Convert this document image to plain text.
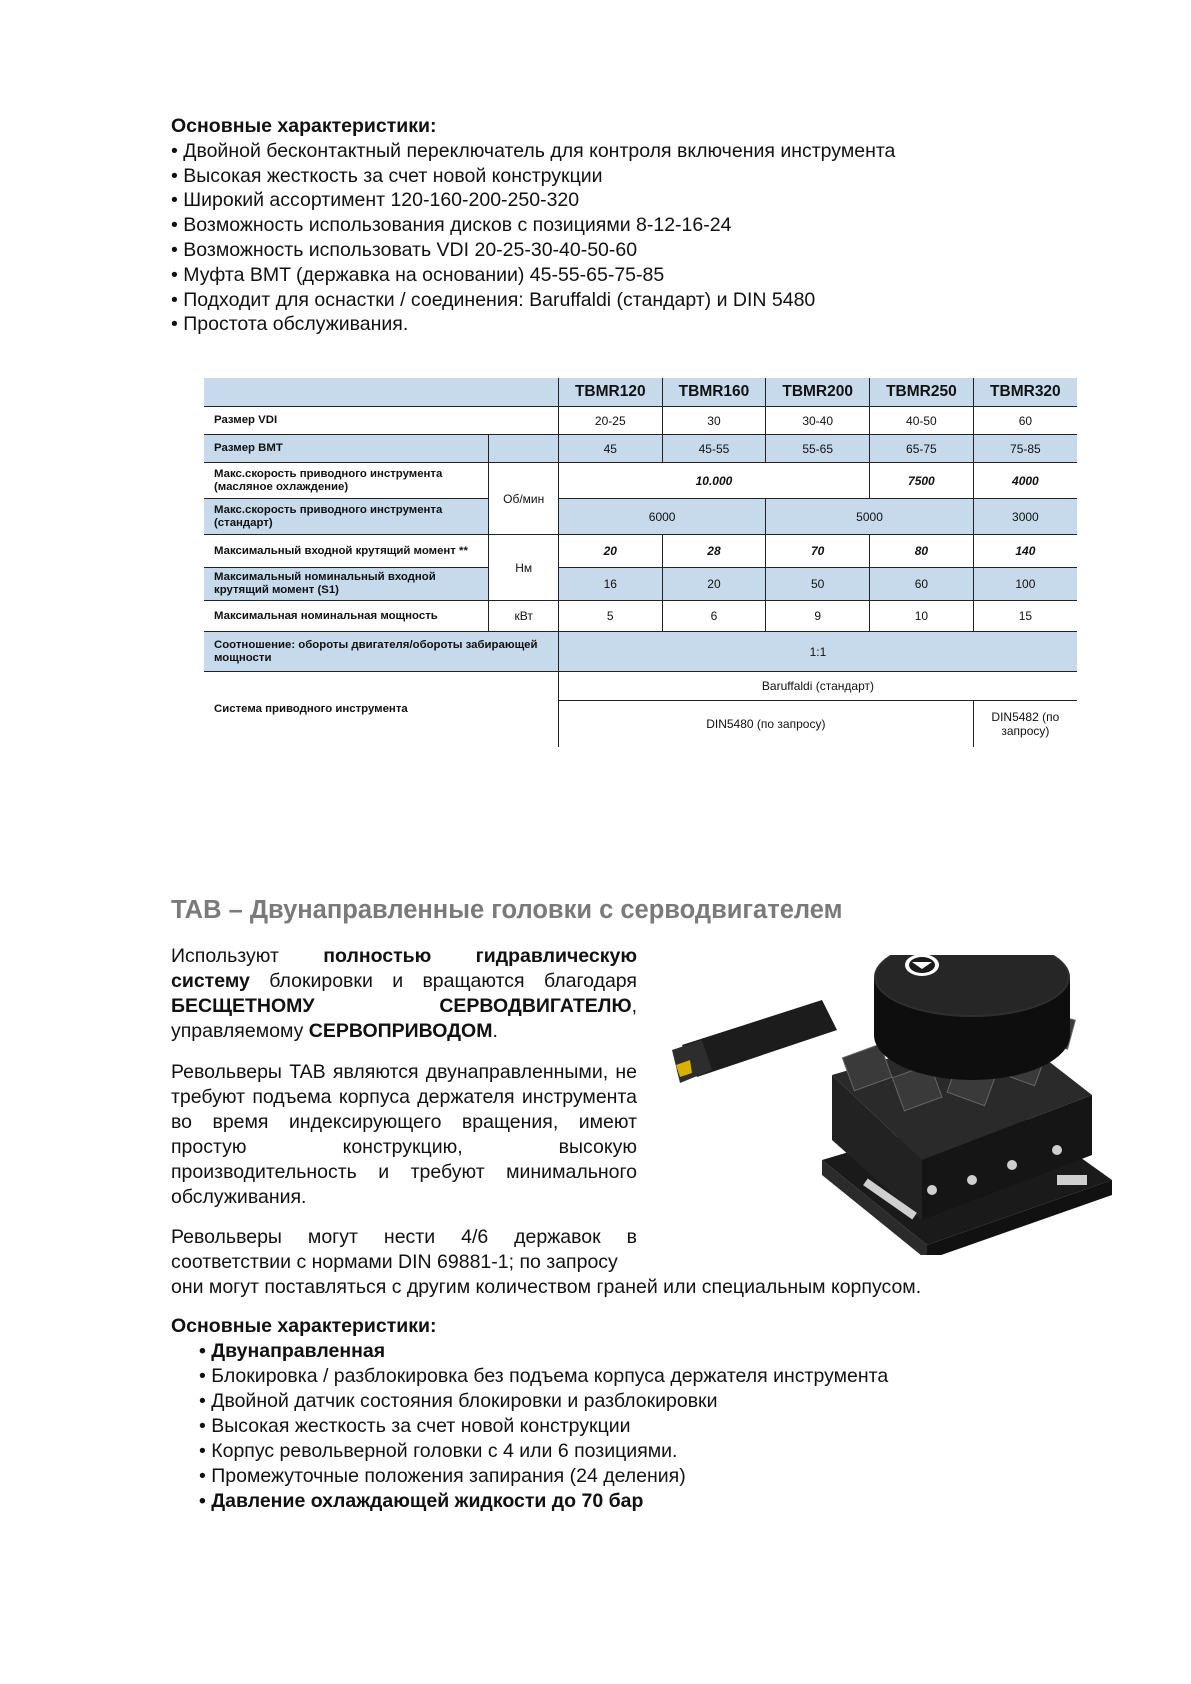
Основные характеристики:
• Двойной бесконтактный переключатель для контроля включения инструмента
• Высокая жесткость за счет новой конструкции
• Широкий ассортимент 120-160-200-250-320
• Возможность использования дисков с позициями 8-12-16-24
• Возможность использовать VDI 20-25-30-40-50-60
• Муфта BMT (державка на основании) 45-55-65-75-85
• Подходит для оснастки / соединения: Baruffaldi (стандарт) и DIN 5480
• Простота обслуживания.
		TBMR120	TBMR160	TBMR200	TBMR250	TBMR320
Размер VDI		20-25	30	30-40	40-50	60
Размер BMT		45	45-55	55-65	65-75	75-85
Макс.скорость приводного инструмента (масляное охлаждение)	Об/мин	10.000			7500	4000
Макс.скорость приводного инструмента (стандарт)		6000		5000		3000
Максимальный входной крутящий момент **	Нм	20	28	70	80	140
Максимальный номинальный входной крутящий момент (S1)		16	20	50	60	100
Максимальная номинальная мощность	кВт	5	6	9	10	15
Соотношение: обороты двигателя/обороты забирающей мощности		1:1				
Система приводного инструмента		Baruffaldi (стандарт)				
		DIN5480 (по запросу)				DIN5482 (по запросу)
TAB – Двунаправленные головки с серводвигателем
Используют полностью гидравлическую систему блокировки и вращаются благодаря БЕСЩЕТНОМУ СЕРВОДВИГАТЕЛЮ, управляемому СЕРВОПРИВОДОМ.
Револьверы TAB являются двунаправленными, не требуют подъема корпуса держателя инструмента во время индексирующего вращения, имеют простую конструкцию, высокую производительность и требуют минимального обслуживания.
Револьверы могут нести 4/6 державок в соответствии с нормами DIN 69881-1; по запросу
они могут поставляться с другим количеством граней или специальным корпусом.
Основные характеристики:
• Двунаправленная
• Блокировка / разблокировка без подъема корпуса держателя инструмента
• Двойной датчик состояния блокировки и разблокировки
• Высокая жесткость за счет новой конструкции
• Корпус револьверной головки с 4 или 6 позициями.
• Промежуточные положения запирания (24 деления)
• Давление охлаждающей жидкости до 70 бар
